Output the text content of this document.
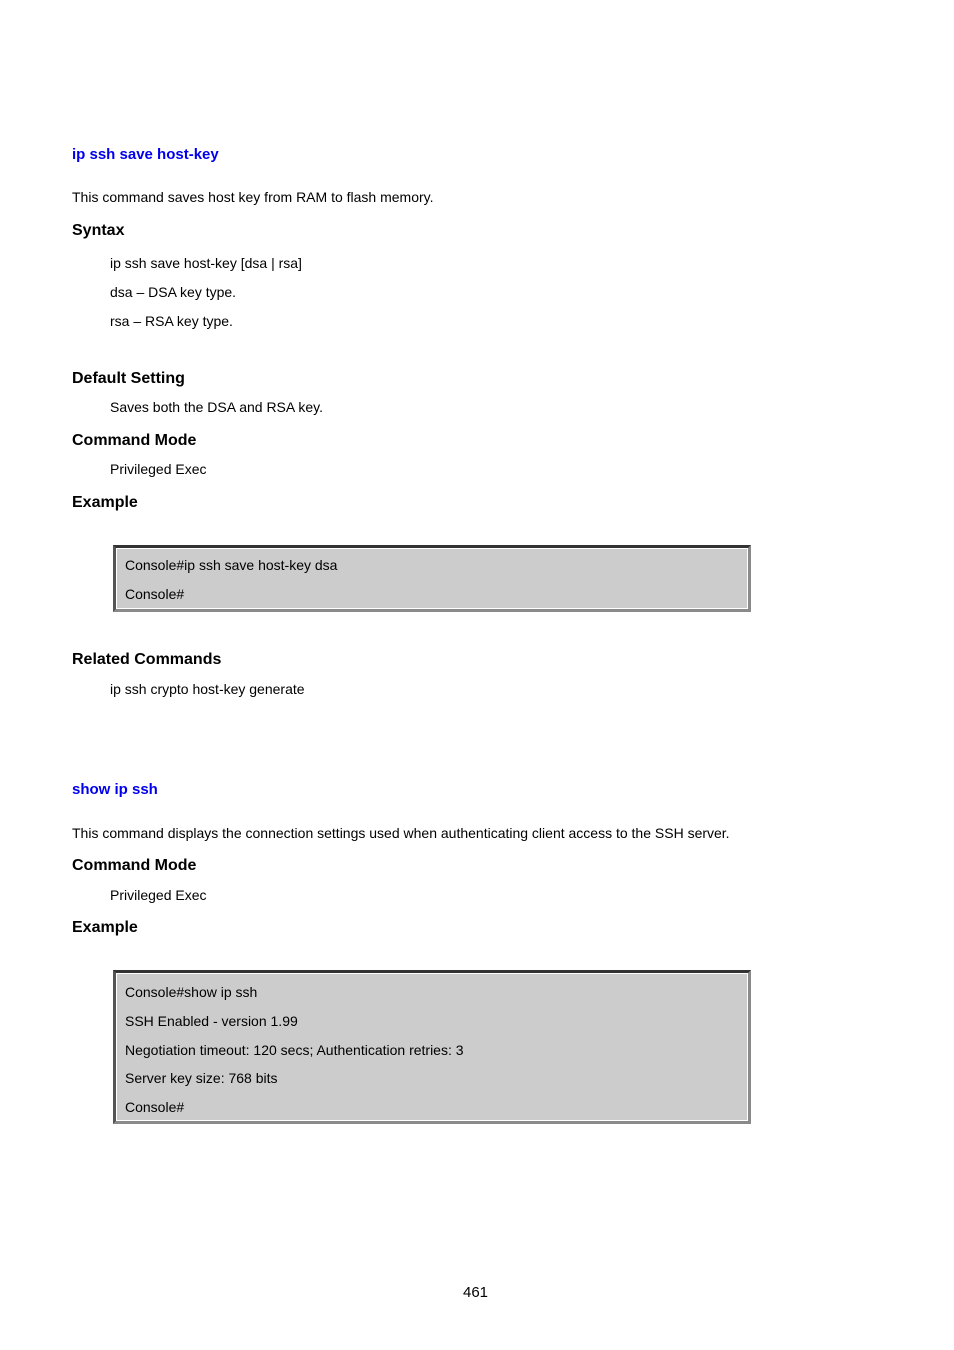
ip ssh save host-key
This command saves host key from RAM to flash memory.
Syntax
ip ssh save host-key [dsa | rsa]
dsa – DSA key type.
rsa – RSA key type.
Default Setting
Saves both the DSA and RSA key.
Command Mode
Privileged Exec
Example
Console#ip ssh save host-key dsa
Console#
Related Commands
ip ssh crypto host-key generate
show ip ssh
This command displays the connection settings used when authenticating client access to the SSH server.
Command Mode
Privileged Exec
Example
Console#show ip ssh
SSH Enabled - version 1.99
Negotiation timeout: 120 secs; Authentication retries: 3
Server key size: 768 bits
Console#
461
